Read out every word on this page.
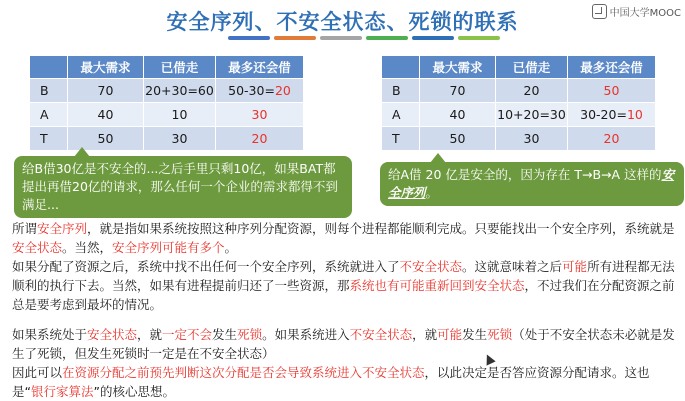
安全序列、不安全状态、死锁的联系	中国大学MOOC
	最大需求	已借走	最多还会借
B	70	20+30=60	50-30=20
A	40	10	30
T	50	30	20
	最大需求	已借走	最多还会借
B	70	20	50
A	40	10+20=30	30-20=10
T	50	30	20
给B借30亿是不安全的...之后手里只剩10亿，如果BAT都提出再借20亿的请求，那么任何一个企业的需求都得不到满足...
给A借 20 亿是安全的，因为存在 T→B→A 这样的安全序列。

所谓安全序列，就是指如果系统按照这种序列分配资源，则每个进程都能顺利完成。只要能找出一个安全序列，系统就是安全状态。当然，安全序列可能有多个。

如果分配了资源之后，系统中找不出任何一个安全序列，系统就进入了不安全状态。这就意味着之后可能所有进程都无法顺利的执行下去。当然，如果有进程提前归还了一些资源，那系统也有可能重新回到安全状态，不过我们在分配资源之前总是要考虑到最坏的情况。

如果系统处于安全状态，就一定不会发生死锁。如果系统进入不安全状态，就可能发生死锁（处于不安全状态未必就是发生了死锁，但发生死锁时一定是在不安全状态）

因此可以在资源分配之前预先判断这次分配是否会导致系统进入不安全状态，以此决定是否答应资源分配请求。这也是“银行家算法”的核心思想。
